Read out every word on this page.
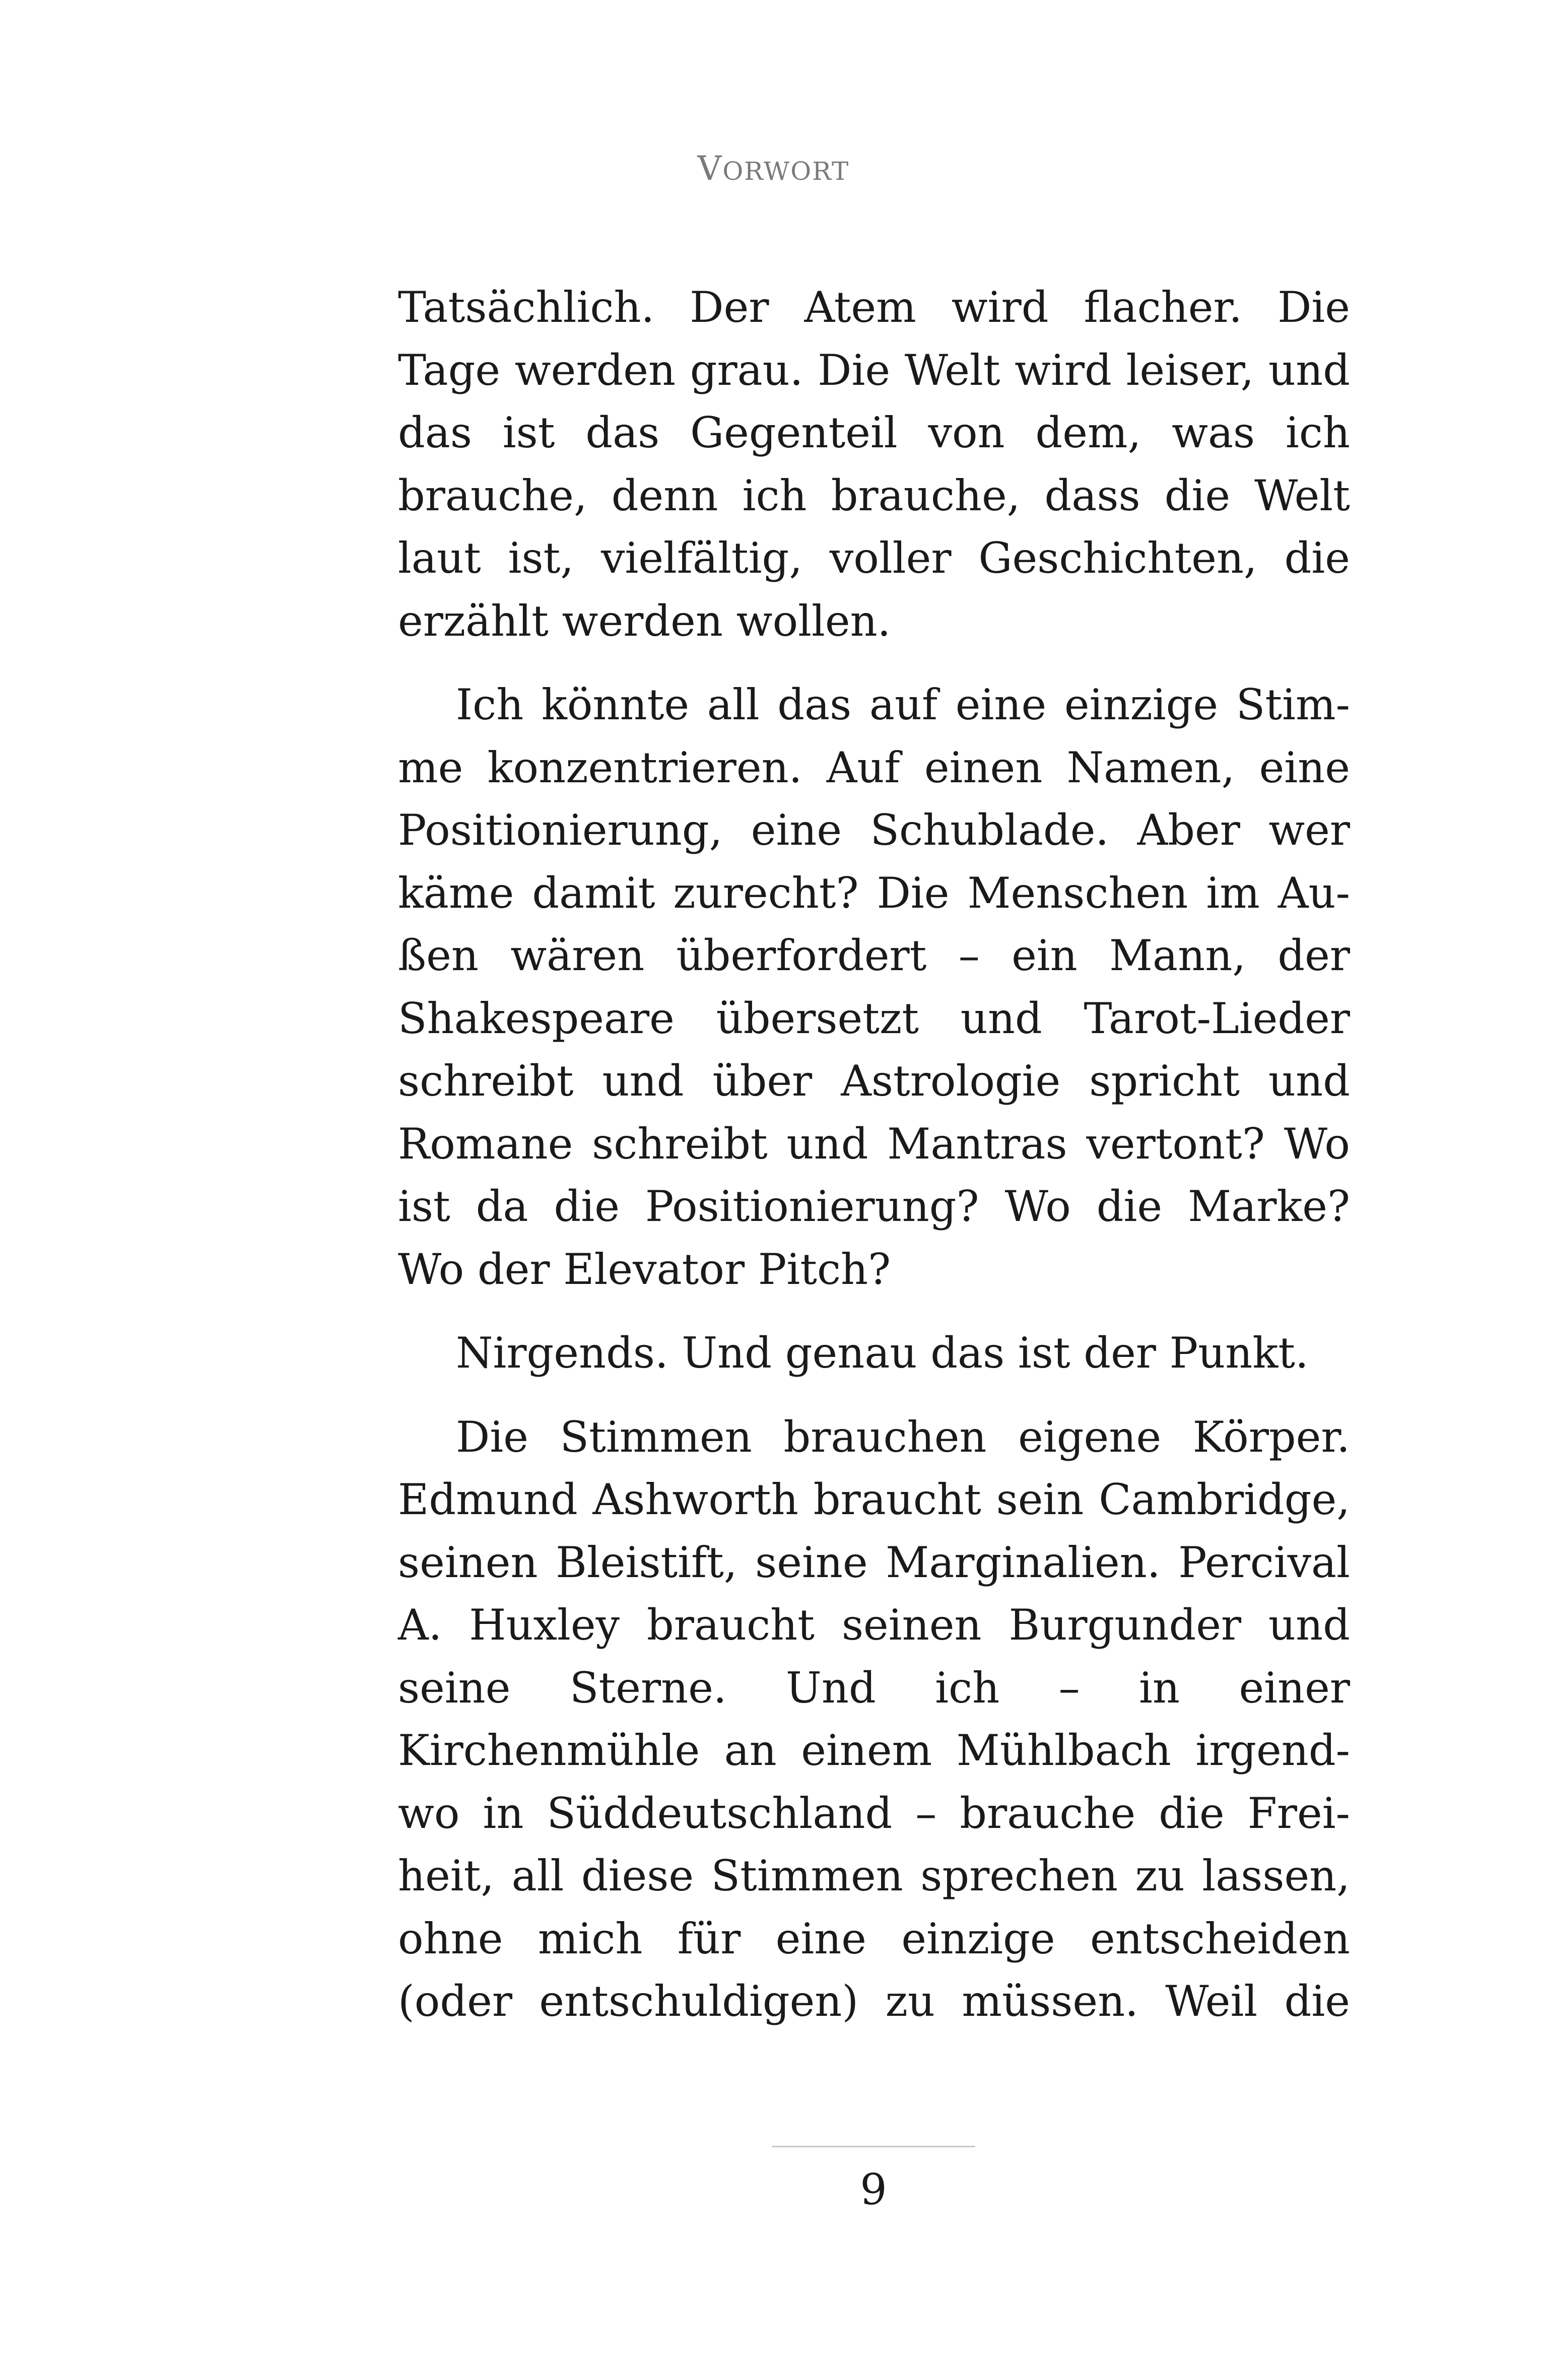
VORWORT

Tatsächlich. Der Atem wird flacher. Die Tage werden grau. Die Welt wird leiser, und das ist das Gegenteil von dem, was ich brauche, denn ich brauche, dass die Welt laut ist, vielfältig, voller Geschichten, die erzählt werden wollen.

Ich könnte all das auf eine einzige Stimme konzentrieren. Auf einen Namen, eine Positionierung, eine Schublade. Aber wer käme damit zurecht? Die Menschen im Außen wären überfordert – ein Mann, der Shakespeare übersetzt und Tarot-Lieder schreibt und über Astrologie spricht und Romane schreibt und Mantras vertont? Wo ist da die Positionierung? Wo die Marke? Wo der Elevator Pitch?

Nirgends. Und genau das ist der Punkt.

Die Stimmen brauchen eigene Körper. Edmund Ashworth braucht sein Cambridge, seinen Bleistift, seine Marginalien. Percival A. Huxley braucht seinen Burgunder und seine Sterne. Und ich – in einer Kirchenmühle an einem Mühlbach irgendwo in Süddeutschland – brauche die Freiheit, all diese Stimmen sprechen zu lassen, ohne mich für eine einzige entscheiden (oder entschuldigen) zu müssen. Weil die

9
